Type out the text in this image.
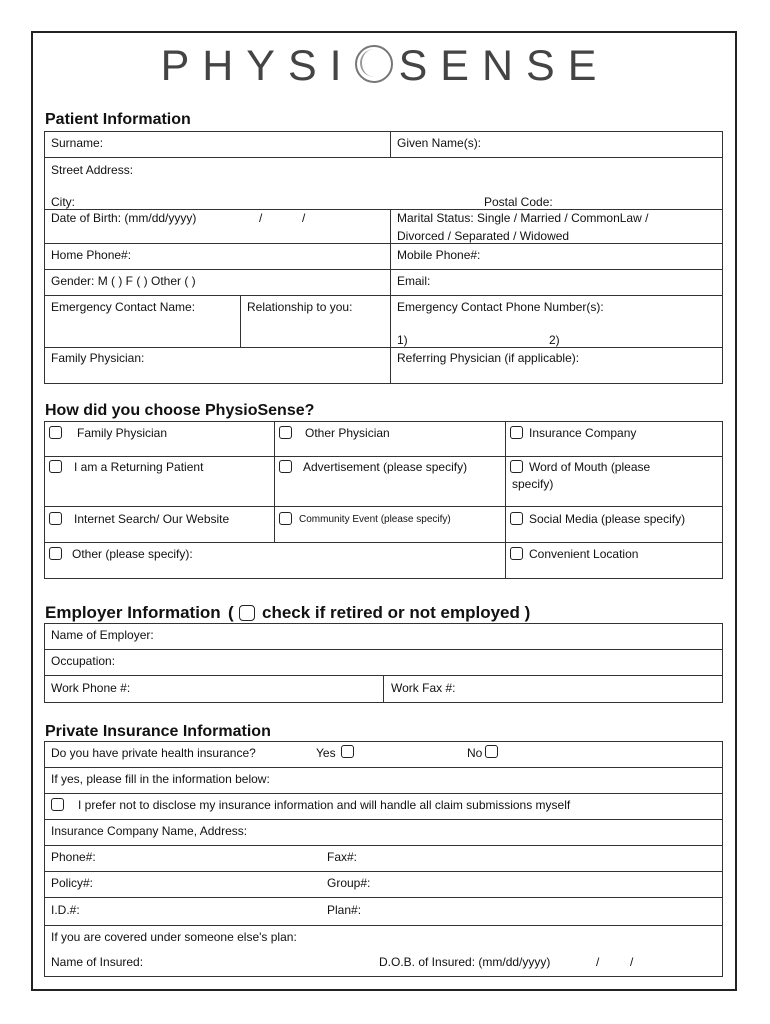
PHYSI SENSE
Patient Information
Surname:	Given Name(s):
Street Address:
City:	Postal Code:
Date of Birth: (mm/dd/yyyy)	/	/	Marital Status: Single / Married / CommonLaw /
Divorced / Separated / Widowed
Home Phone#:	Mobile Phone#:
Gender: M ( ) F ( ) Other ( )	Email:
Emergency Contact Name:	Relationship to you:	Emergency Contact Phone Number(s):
1)	2)
Family Physician:	Referring Physician (if applicable):
How did you choose PhysioSense?
Family Physician	Other Physician	Insurance Company
I am a Returning Patient	Advertisement (please specify)	Word of Mouth (please
specify)
Internet Search/ Our Website	Community Event (please specify)	Social Media (please specify)
Other (please specify):	Convenient Location
Employer Information ( check if retired or not employed )
Name of Employer:
Occupation:
Work Phone #:	Work Fax #:
Private Insurance Information
Do you have private health insurance?	Yes	No
If yes, please fill in the information below:
I prefer not to disclose my insurance information and will handle all claim submissions myself
Insurance Company Name, Address:
Phone#:	Fax#:
Policy#:	Group#:
I.D.#:	Plan#:
If you are covered under someone else's plan:
Name of Insured:	D.O.B. of Insured: (mm/dd/yyyy)	/	/
